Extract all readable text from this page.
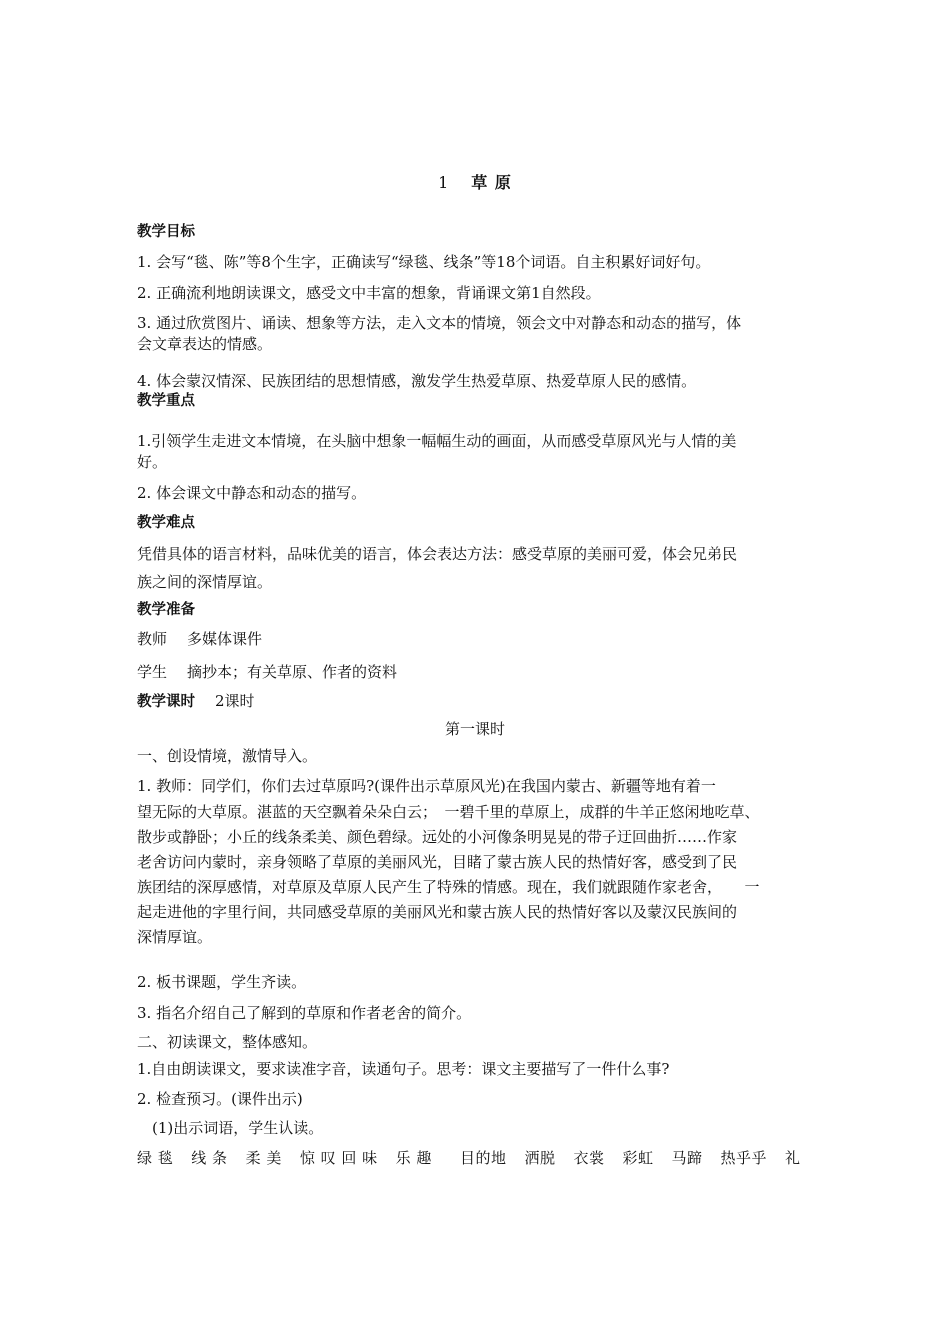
1 草 原
教学目标
1. 会写“毯、陈”等8个生字，正确读写“绿毯、线条”等18个词语。自主积累好词好句。
2. 正确流利地朗读课文，感受文中丰富的想象，背诵课文第1自然段。
3. 通过欣赏图片、诵读、想象等方法，走入文本的情境，领会文中对静态和动态的描写，体
会文章表达的情感。
4. 体会蒙汉情深、民族团结的思想情感，激发学生热爱草原、热爱草原人民的感情。
教学重点
1.引领学生走进文本情境，在头脑中想象一幅幅生动的画面，从而感受草原风光与人情的美
好。
2. 体会课文中静态和动态的描写。
教学难点
凭借具体的语言材料，品味优美的语言，体会表达方法：感受草原的美丽可爱，体会兄弟民
族之间的深情厚谊。
教学准备
教师 多媒体课件
学生 摘抄本；有关草原、作者的资料
教学课时 2课时
第一课时
一、创设情境，激情导入。
1. 教师：同学们，你们去过草原吗?(课件出示草原风光)在我国内蒙古、新疆等地有着一
望无际的大草原。湛蓝的天空飘着朵朵白云；　一碧千里的草原上，成群的牛羊正悠闲地吃草、
散步或静卧；小丘的线条柔美、颜色碧绿。远处的小河像条明晃晃的带子迂回曲折……作家
老舍访问内蒙时，亲身领略了草原的美丽风光，目睹了蒙古族人民的热情好客，感受到了民
族团结的深厚感情，对草原及草原人民产生了特殊的情感。现在，我们就跟随作家老舍，　　一
起走进他的字里行间，共同感受草原的美丽风光和蒙古族人民的热情好客以及蒙汉民族间的
深情厚谊。
2. 板书课题，学生齐读。
3. 指名介绍自己了解到的草原和作者老舍的简介。
二、初读课文，整体感知。
1.自由朗读课文，要求读准字音，读通句子。思考：课文主要描写了一件什么事?
2. 检查预习。(课件出示)
(1)出示词语，学生认读。
绿 毯 线 条 柔 美 惊 叹 回 味 乐 趣 目的地 洒脱 衣裳 彩虹 马蹄 热乎乎 礼
